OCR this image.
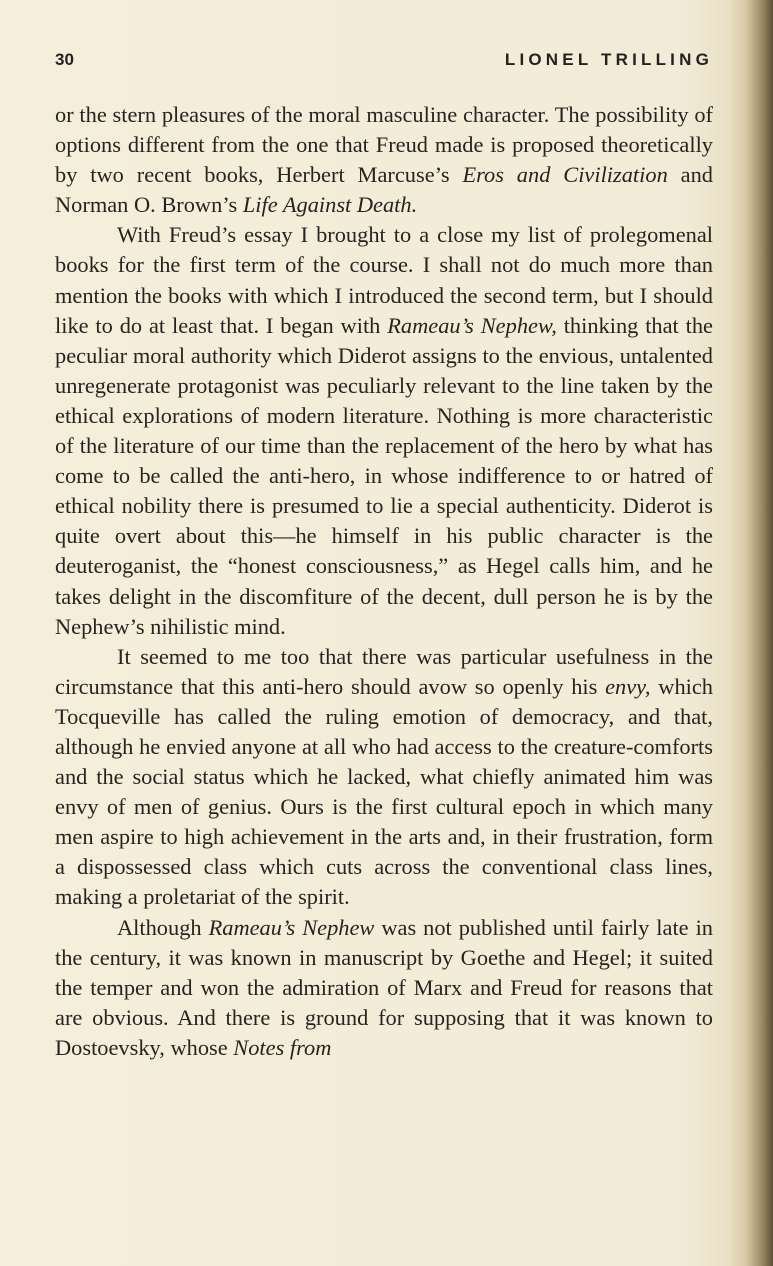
30	LIONEL TRILLING

or the stern pleasures of the moral masculine character. The possibility of options different from the one that Freud made is proposed theoretically by two recent books, Herbert Marcuse’s Eros and Civilization and Norman O. Brown’s Life Against Death.

With Freud’s essay I brought to a close my list of prolegomenal books for the first term of the course. I shall not do much more than mention the books with which I introduced the second term, but I should like to do at least that. I began with Rameau’s Nephew, thinking that the peculiar moral authority which Diderot assigns to the envious, untalented unregenerate protagonist was peculiarly relevant to the line taken by the ethical explorations of modern literature. Nothing is more characteristic of the literature of our time than the replacement of the hero by what has come to be called the anti-hero, in whose indifference to or hatred of ethical nobility there is presumed to lie a special authenticity. Diderot is quite overt about this—he himself in his public character is the deuteroganist, the “honest consciousness,” as Hegel calls him, and he takes delight in the discomfiture of the decent, dull person he is by the Nephew’s nihilistic mind.

It seemed to me too that there was particular usefulness in the circumstance that this anti-hero should avow so openly his envy, which Tocqueville has called the ruling emotion of democracy, and that, although he envied anyone at all who had access to the creature-comforts and the social status which he lacked, what chiefly animated him was envy of men of genius. Ours is the first cultural epoch in which many men aspire to high achievement in the arts and, in their frustration, form a dispossessed class which cuts across the conventional class lines, making a proletariat of the spirit.

Although Rameau’s Nephew was not published until fairly late in the century, it was known in manuscript by Goethe and Hegel; it suited the temper and won the admiration of Marx and Freud for reasons that are obvious. And there is ground for supposing that it was known to Dostoevsky, whose Notes from
